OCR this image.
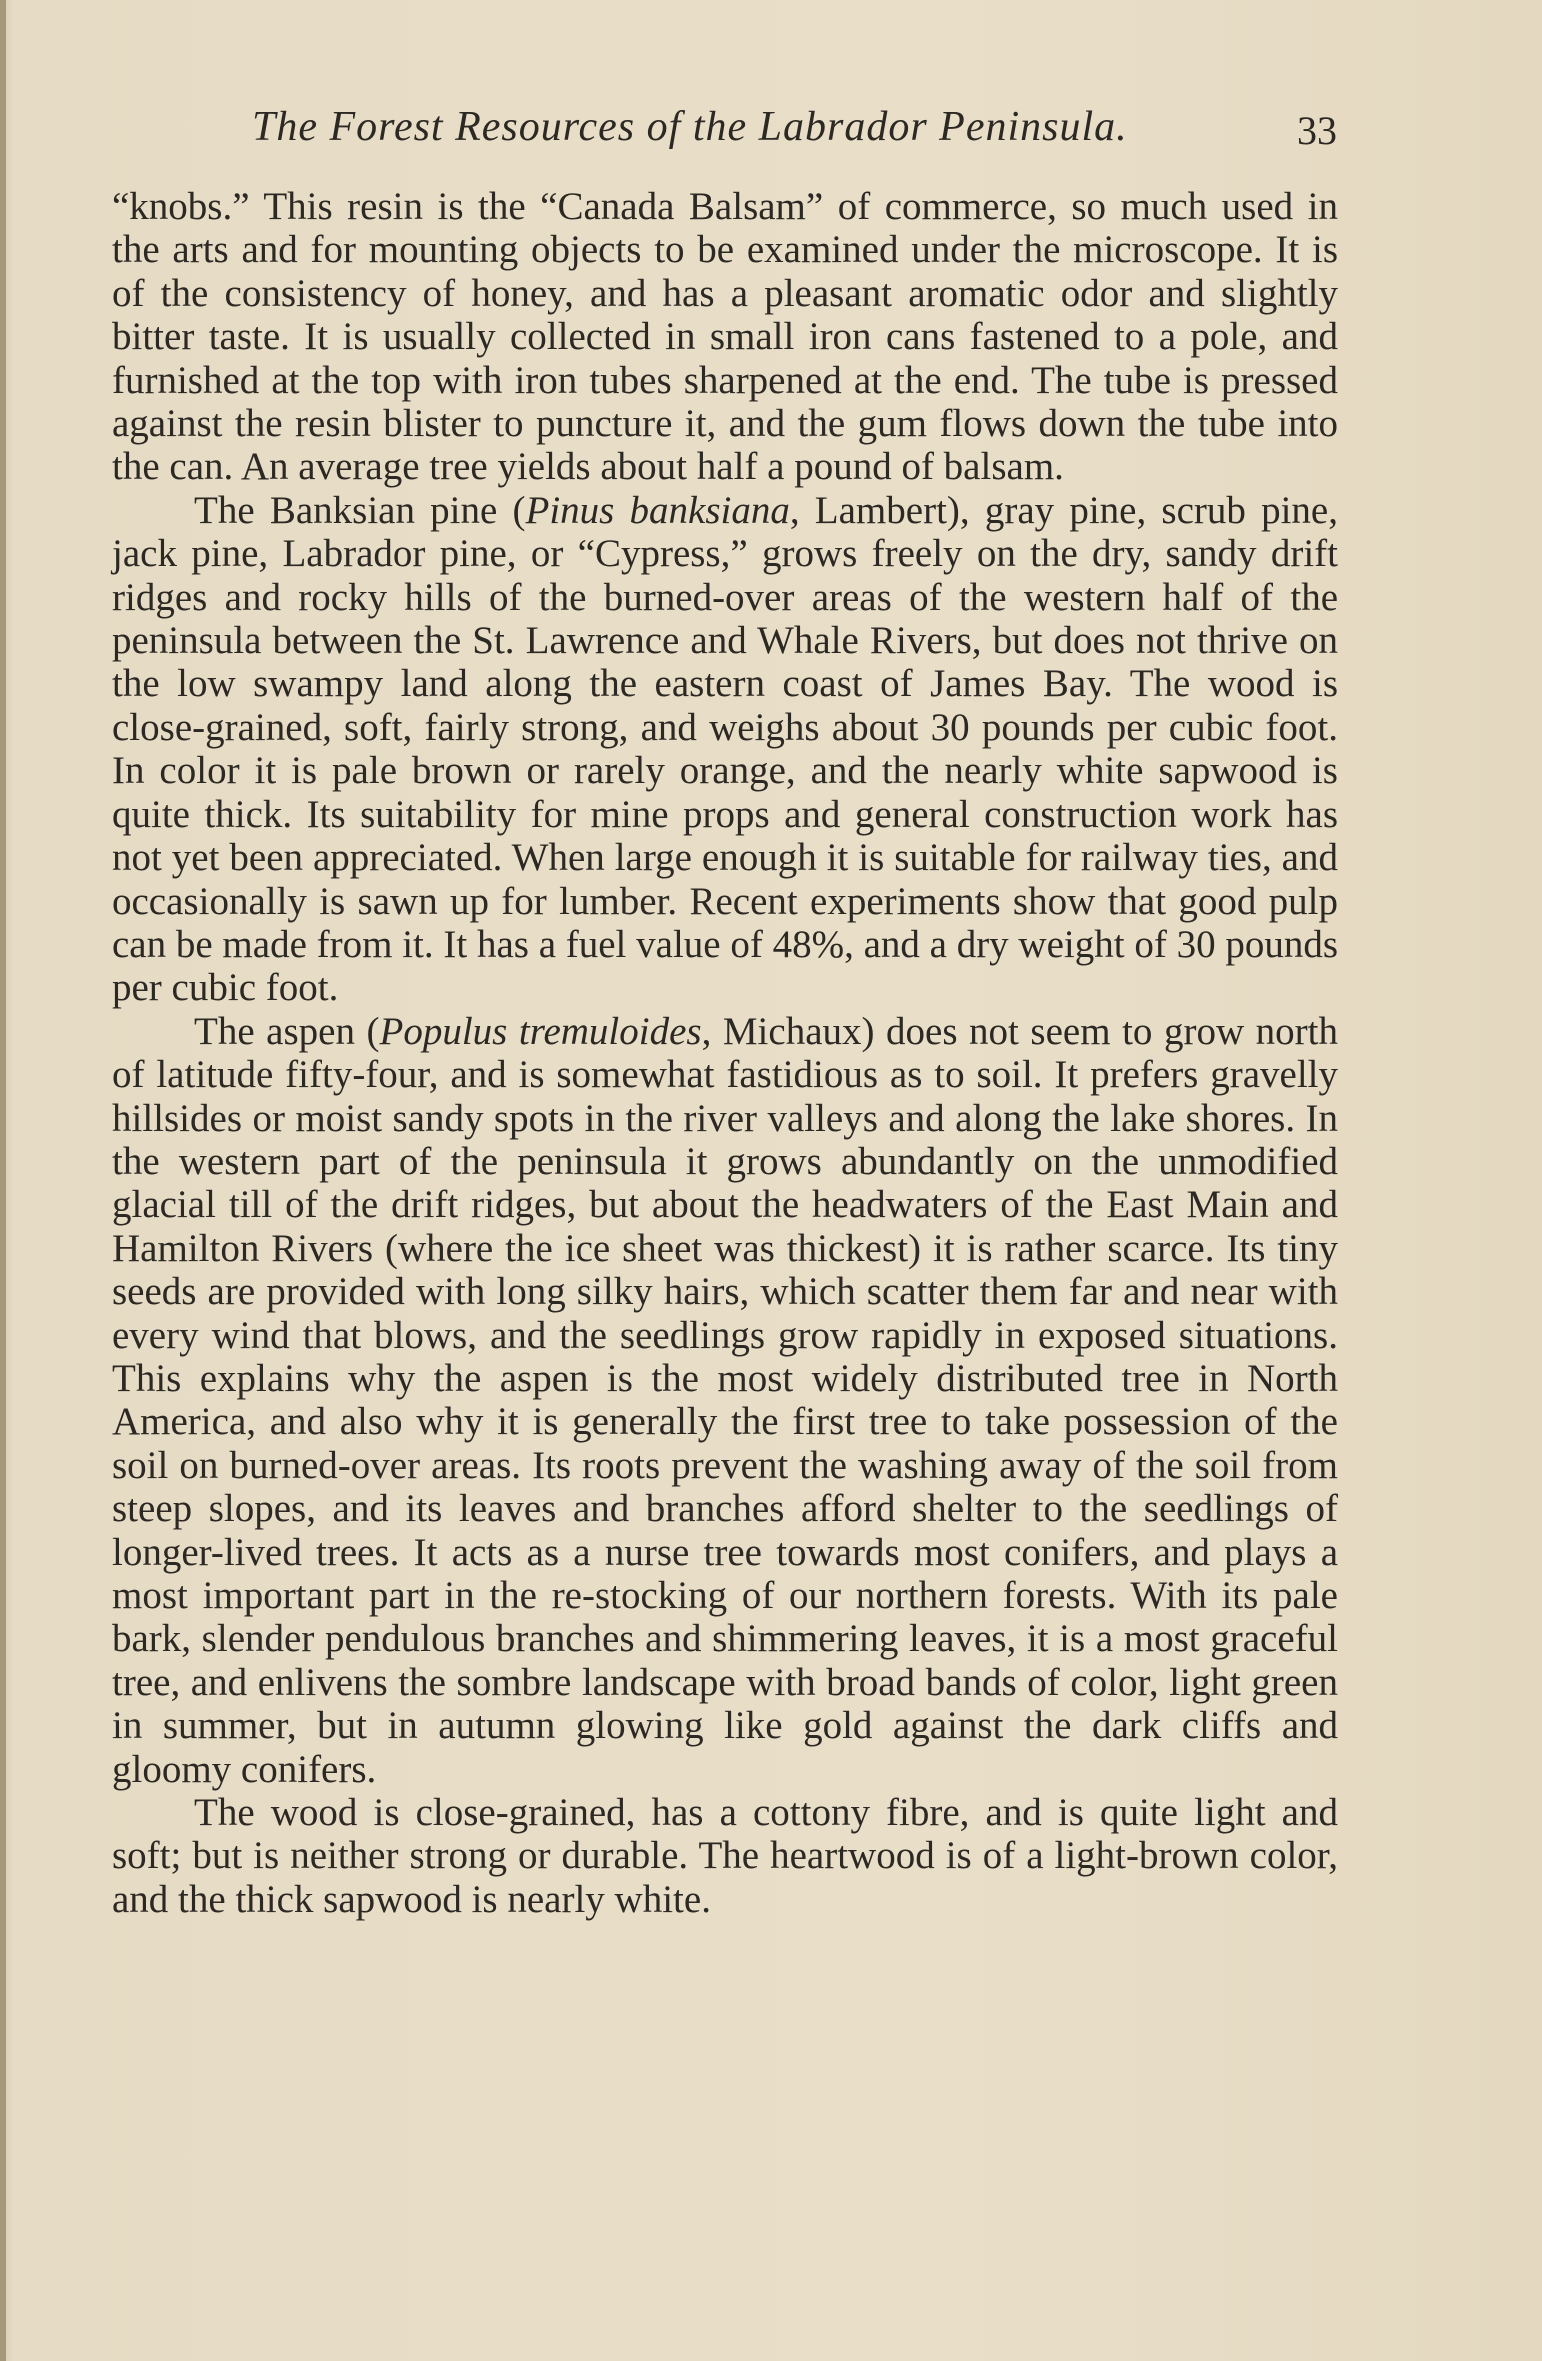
The Forest Resources of the Labrador Peninsula.	33

“knobs.” This resin is the “Canada Balsam” of commerce, so much used in the arts and for mounting objects to be examined under the microscope. It is of the consistency of honey, and has a pleasant aromatic odor and slightly bitter taste. It is usually collected in small iron cans fastened to a pole, and furnished at the top with iron tubes sharpened at the end. The tube is pressed against the resin blister to puncture it, and the gum flows down the tube into the can. An average tree yields about half a pound of balsam.

The Banksian pine (Pinus banksiana, Lambert), gray pine, scrub pine, jack pine, Labrador pine, or “Cypress,” grows freely on the dry, sandy drift ridges and rocky hills of the burned-over areas of the western half of the peninsula between the St. Lawrence and Whale Rivers, but does not thrive on the low swampy land along the eastern coast of James Bay. The wood is close-grained, soft, fairly strong, and weighs about 30 pounds per cubic foot. In color it is pale brown or rarely orange, and the nearly white sapwood is quite thick. Its suitability for mine props and general construction work has not yet been appreciated. When large enough it is suitable for railway ties, and occasionally is sawn up for lumber. Recent experiments show that good pulp can be made from it. It has a fuel value of 48%, and a dry weight of 30 pounds per cubic foot.

The aspen (Populus tremuloides, Michaux) does not seem to grow north of latitude fifty-four, and is somewhat fastidious as to soil. It prefers gravelly hillsides or moist sandy spots in the river valleys and along the lake shores. In the western part of the peninsula it grows abundantly on the unmodified glacial till of the drift ridges, but about the headwaters of the East Main and Hamilton Rivers (where the ice sheet was thickest) it is rather scarce. Its tiny seeds are provided with long silky hairs, which scatter them far and near with every wind that blows, and the seedlings grow rapidly in exposed situations. This explains why the aspen is the most widely distributed tree in North America, and also why it is generally the first tree to take possession of the soil on burned-over areas. Its roots prevent the washing away of the soil from steep slopes, and its leaves and branches afford shelter to the seedlings of longer-lived trees. It acts as a nurse tree towards most conifers, and plays a most important part in the re-stocking of our northern forests. With its pale bark, slender pendulous branches and shimmering leaves, it is a most graceful tree, and enlivens the sombre landscape with broad bands of color, light green in summer, but in autumn glowing like gold against the dark cliffs and gloomy conifers.

The wood is close-grained, has a cottony fibre, and is quite light and soft; but is neither strong or durable. The heartwood is of a light-brown color, and the thick sapwood is nearly white.
